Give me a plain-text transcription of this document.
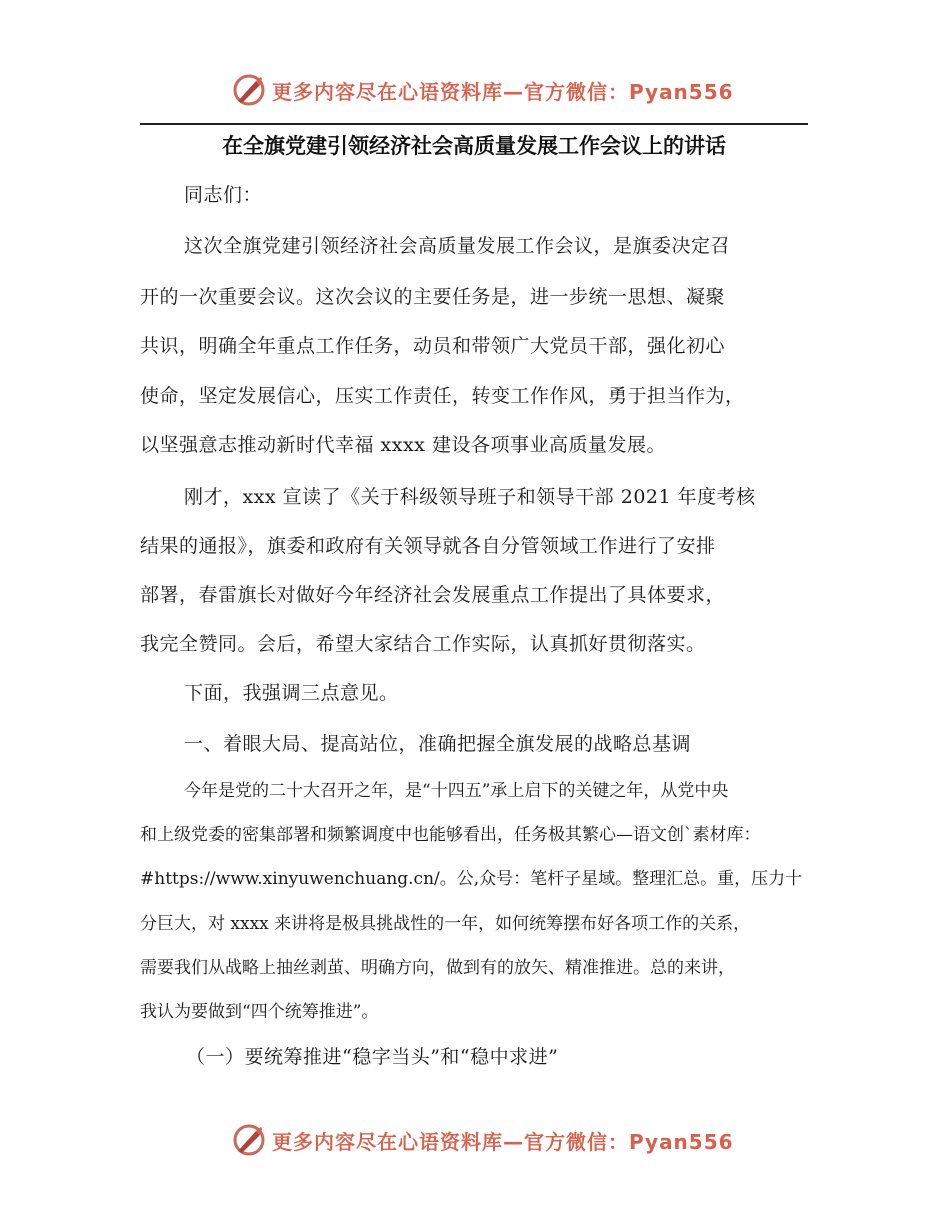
更多内容尽在心语资料库—官方微信：Pyan556
在全旗党建引领经济社会高质量发展工作会议上的讲话
同志们：
这次全旗党建引领经济社会高质量发展工作会议，是旗委决定召
开的一次重要会议。这次会议的主要任务是，进一步统一思想、凝聚
共识，明确全年重点工作任务，动员和带领广大党员干部，强化初心
使命，坚定发展信心，压实工作责任，转变工作作风，勇于担当作为，
以坚强意志推动新时代幸福 xxxx 建设各项事业高质量发展。
刚才，xxx 宣读了《关于科级领导班子和领导干部 2021 年度考核
结果的通报》，旗委和政府有关领导就各自分管领域工作进行了安排
部署，春雷旗长对做好今年经济社会发展重点工作提出了具体要求，
我完全赞同。会后，希望大家结合工作实际，认真抓好贯彻落实。
下面，我强调三点意见。
一、着眼大局、提高站位，准确把握全旗发展的战略总基调
今年是党的二十大召开之年，是“十四五”承上启下的关键之年，从党中央
和上级党委的密集部署和频繁调度中也能够看出，任务极其繁心—语文创`素材库：
#https://www.xinyuwenchuang.cn/。公,众号：笔杆子星域。整理汇总。重，压力十
分巨大，对 xxxx 来讲将是极具挑战性的一年，如何统筹摆布好各项工作的关系，
需要我们从战略上抽丝剥茧、明确方向，做到有的放矢、精准推进。总的来讲，
我认为要做到“四个统筹推进”。
（一）要统筹推进“稳字当头”和“稳中求进”
更多内容尽在心语资料库—官方微信：Pyan556
